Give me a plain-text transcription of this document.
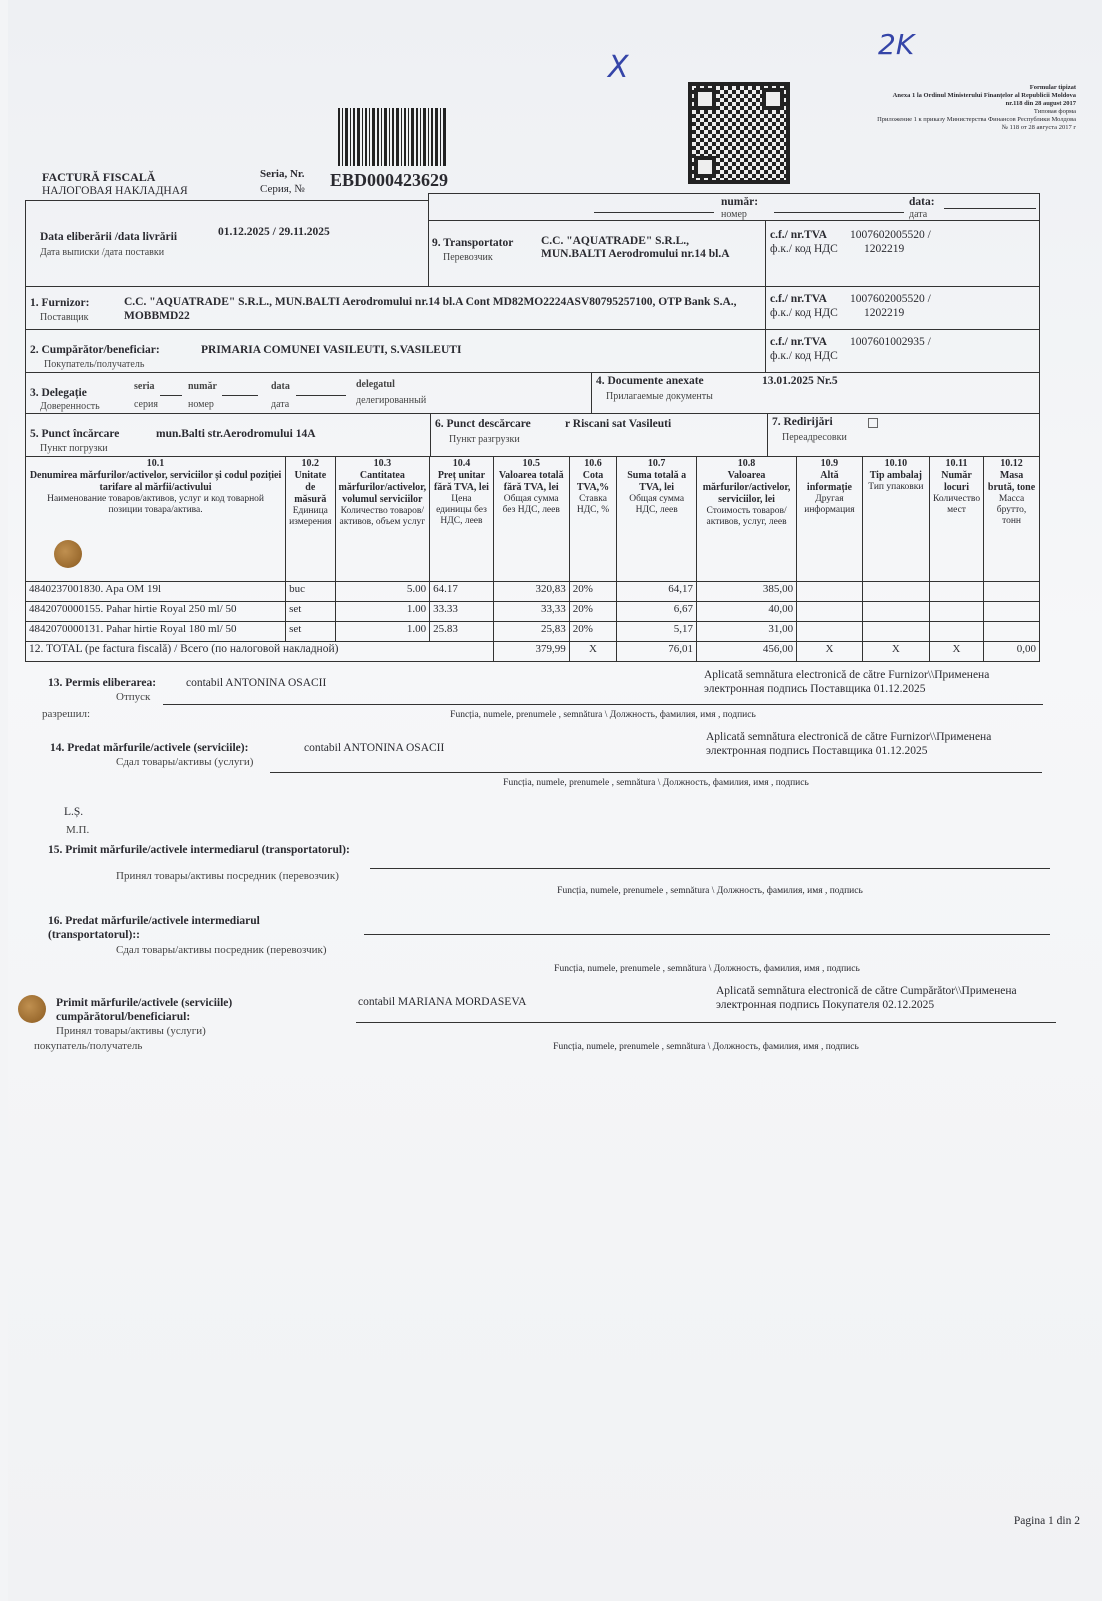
X
2K
Formular tipizat
Anexa 1 la Ordinul Ministerului Finanțelor al Republicii Moldova
nr.118 din 28 august 2017
Типовая форма
Приложение 1 к приказу Министерства Финансов Республики Молдова
№ 118 от 28 августа 2017 г
FACTURĂ FISCALĂ
НАЛОГОВАЯ НАКЛАДНАЯ
Seria, Nr.
Серия, № EBD000423629
Data eliberării /data livrării	01.12.2025 / 29.11.2025
Дата выписки /дата поставки
număr:
номер
data:
дата
9. Transportator
Перевозчик
C.C. "AQUATRADE" S.R.L., MUN.BALTI Aerodromului nr.14 bl.A
c.f./ nr.TVA 1007602005520 /
ф.к./ код НДС 1202219
1. Furnizor:
Поставщик
C.C. "AQUATRADE" S.R.L., MUN.BALTI Aerodromului nr.14 bl.A Cont MD82MO2224ASV80795257100, OTP Bank S.A., MOBBMD22
c.f./ nr.TVA 1007602005520 /
ф.к./ код НДС 1202219
2. Cumpărător/beneficiar:
Покупатель/получатель
PRIMARIA COMUNEI VASILEUTI, S.VASILEUTI
c.f./ nr.TVA 1007601002935 /
ф.к./ код НДС
3. Delegație
Доверенность
seria
серия
număr
номер
data
дата
delegatul
делегированный
4. Documente anexate
Прилагаемые документы
13.01.2025 Nr.5
5. Punct încărcare
Пункт погрузки
mun.Balti str.Aerodromului 14A
6. Punct descărcare	r Riscani sat Vasileuti
Пункт разгрузки
7. Redirijări
Переадресовки
10.1
Denumirea mărfurilor/activelor, serviciilor și codul poziției tarifare al mărfii/activului
Наименование товаров/активов, услуг и код товарной позиции товара/актива.	10.2
Unitate de măsură
Единица измерения	10.3
Cantitatea mărfurilor/activelor, volumul serviciilor
Количество товаров/активов, объем услуг	10.4
Preț unitar fără TVA, lei
Цена единицы без НДС, леев	10.5
Valoarea totală fără TVA, lei
Общая сумма без НДС, леев	10.6
Cota TVA,%
Ставка НДС, %	10.7
Suma totală a TVA, lei
Общая сумма НДС, леев	10.8
Valoarea mărfurilor/activelor, serviciilor, lei
Стоимость товаров/активов, услуг, леев	10.9
Altă informație
Другая информация	10.10
Tip ambalaj
Тип упаковки	10.11
Număr locuri
Количество мест	10.12
Masa brută, tone
Масса брутто, тонн
4840237001830. Apa OM 19l	buc	5.00	64.17	320,83	20%	64,17	385,00				
4842070000155. Pahar hirtie Royal 250 ml/ 50	set	1.00	33.33	33,33	20%	6,67	40,00				
4842070000131. Pahar hirtie Royal 180 ml/ 50	set	1.00	25.83	25,83	20%	5,17	31,00				
12. TOTAL (pe factura fiscală) / Всего (по налоговой накладной)				379,99	X	76,01	456,00	X	X	X	0,00
13. Permis eliberarea:
Отпуск
разрешил:
contabil ANTONINA OSACII
Aplicată semnătura electronică de către Furnizor\\Применена электронная подпись Поставщика 01.12.2025
Funcția, numele, prenumele , semnătura \ Должность, фамилия, имя , подпись
14. Predat mărfurile/activele (serviciile):
Сдал товары/активы (услуги)
contabil ANTONINA OSACII
Aplicată semnătura electronică de către Furnizor\\Применена электронная подпись Поставщика 01.12.2025
Funcția, numele, prenumele , semnătura \ Должность, фамилия, имя , подпись
L.Ș.
М.П.
15. Primit mărfurile/activele intermediarul (transportatorul):
Принял товары/активы посредник (перевозчик)
Funcția, numele, prenumele , semnătura \ Должность, фамилия, имя , подпись
16. Predat mărfurile/activele intermediarul (transportatorul)::
Сдал товары/активы посредник (перевозчик)
Funcția, numele, prenumele , semnătura \ Должность, фамилия, имя , подпись
Primit mărfurile/activele (serviciile)
cumpărătorul/beneficiarul:
Принял товары/активы (услуги)
покупатель/получатель
contabil MARIANA MORDASEVA
Aplicată semnătura electronică de către Cumpărător\\Применена электронная подпись Покупателя 02.12.2025
Funcția, numele, prenumele , semnătura \ Должность, фамилия, имя , подпись
Pagina 1 din 2
